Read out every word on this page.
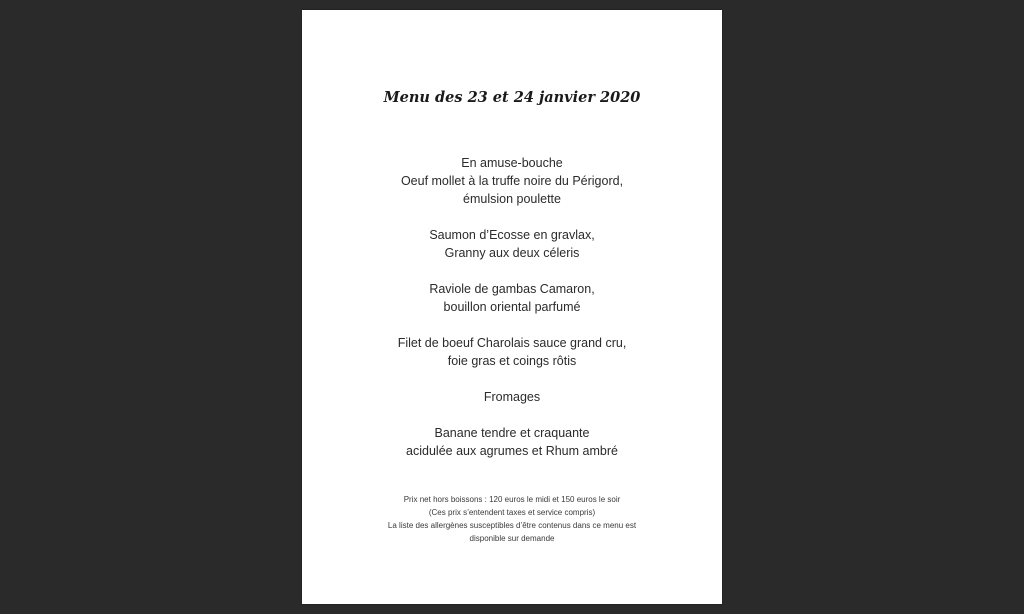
Menu des 23 et 24 janvier 2020
En amuse-bouche
Oeuf mollet à la truffe noire du Périgord,
émulsion poulette
Saumon d’Ecosse en gravlax,
Granny aux deux céleris
Raviole de gambas Camaron,
bouillon oriental parfumé
Filet de boeuf Charolais sauce grand cru,
foie gras et coings rôtis
Fromages
Banane tendre et craquante
acidulée aux agrumes et Rhum ambré
Prix net hors boissons : 120 euros le midi et 150 euros le soir
(Ces prix s’entendent taxes et service compris)
La liste des allergènes susceptibles d’être contenus dans ce menu est
disponible sur demande
